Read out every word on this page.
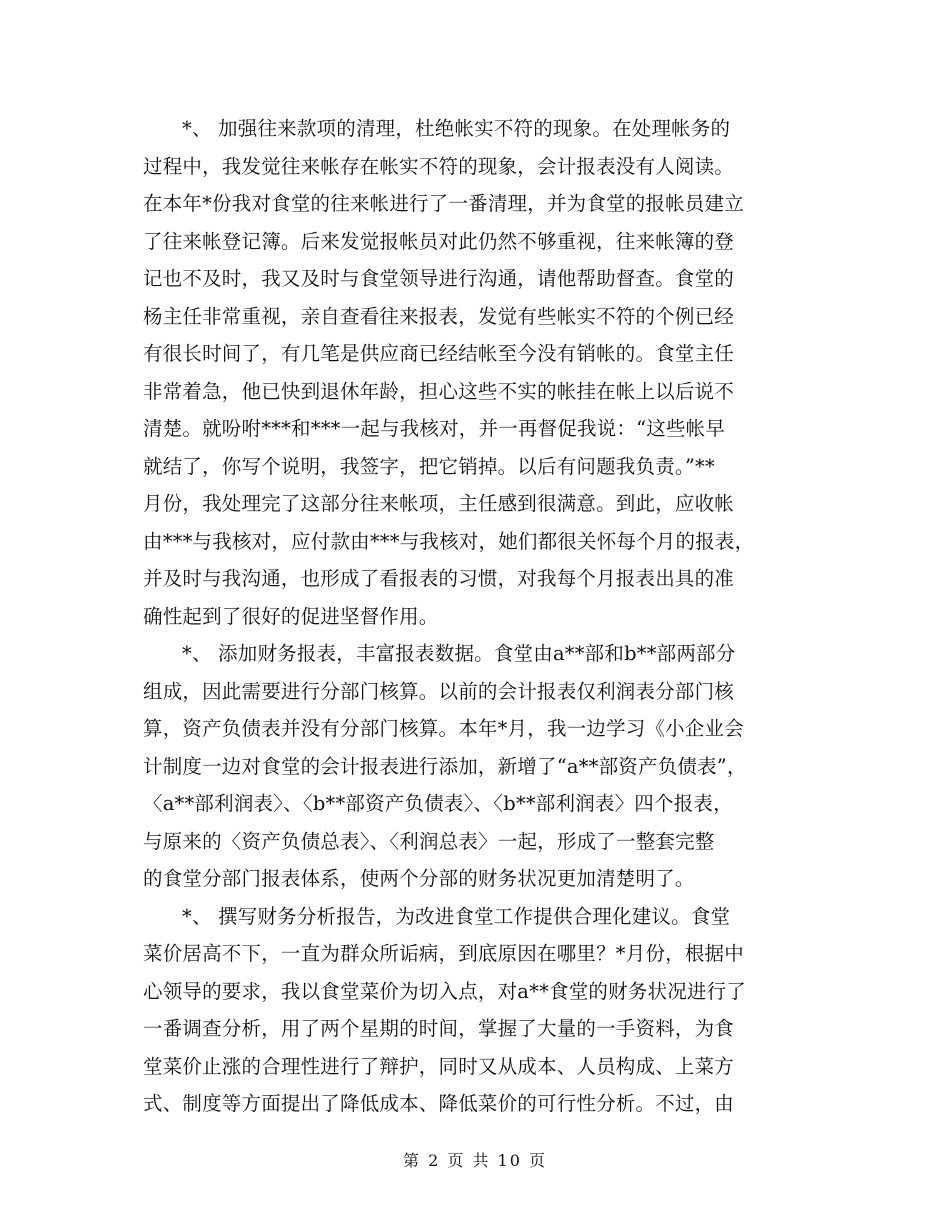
*、 加强往来款项的清理，杜绝帐实不符的现象。在处理帐务的
过程中，我发觉往来帐存在帐实不符的现象，会计报表没有人阅读。
在本年*份我对食堂的往来帐进行了一番清理，并为食堂的报帐员建立
了往来帐登记簿。后来发觉报帐员对此仍然不够重视，往来帐簿的登
记也不及时，我又及时与食堂领导进行沟通，请他帮助督查。食堂的
杨主任非常重视，亲自查看往来报表，发觉有些帐实不符的个例已经
有很长时间了，有几笔是供应商已经结帐至今没有销帐的。食堂主任
非常着急，他已快到退休年龄，担心这些不实的帐挂在帐上以后说不
清楚。就吩咐***和***一起与我核对，并一再督促我说：“这些帐早
就结了，你写个说明，我签字，把它销掉。以后有问题我负责。”**
月份，我处理完了这部分往来帐项，主任感到很满意。到此，应收帐
由***与我核对，应付款由***与我核对，她们都很关怀每个月的报表，
并及时与我沟通，也形成了看报表的习惯，对我每个月报表出具的准
确性起到了很好的促进坚督作用。
*、 添加财务报表，丰富报表数据。食堂由a**部和b**部两部分
组成，因此需要进行分部门核算。以前的会计报表仅利润表分部门核
算，资产负债表并没有分部门核算。本年*月，我一边学习《小企业会
计制度一边对食堂的会计报表进行添加，新增了“a**部资产负债表”，
〈a**部利润表〉、〈b**部资产负债表〉、〈b**部利润表〉四个报表，
与原来的〈资产负债总表〉、〈利润总表〉一起，形成了一整套完整
的食堂分部门报表体系，使两个分部的财务状况更加清楚明了。
*、 撰写财务分析报告，为改进食堂工作提供合理化建议。食堂
菜价居高不下，一直为群众所诟病，到底原因在哪里？*月份，根据中
心领导的要求，我以食堂菜价为切入点，对a**食堂的财务状况进行了
一番调查分析，用了两个星期的时间，掌握了大量的一手资料，为食
堂菜价止涨的合理性进行了辩护，同时又从成本、人员构成、上菜方
式、制度等方面提出了降低成本、降低菜价的可行性分析。不过，由
第 2 页 共 10 页
